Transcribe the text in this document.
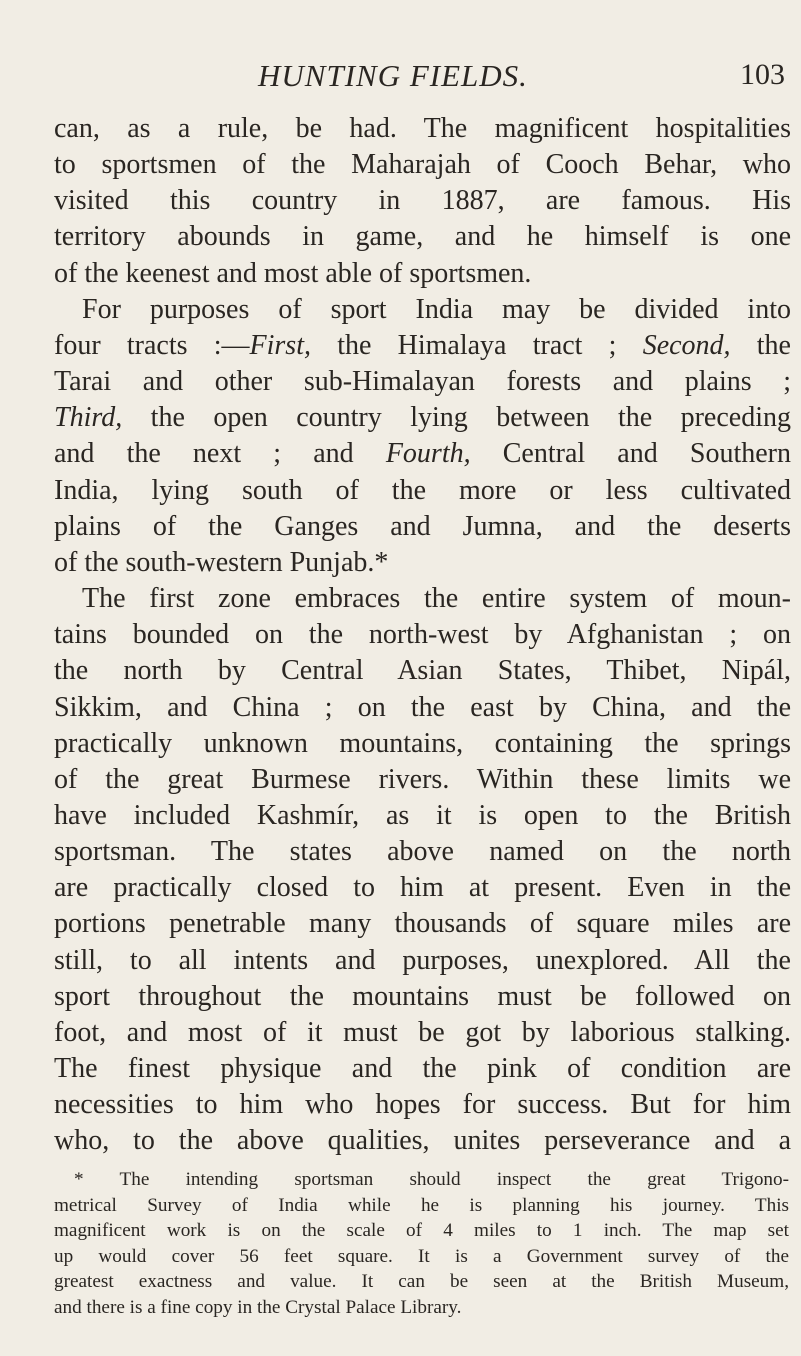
HUNTING FIELDS.	103
can, as a rule, be had. The magnificent hospitalities
to sportsmen of the Maharajah of Cooch Behar, who
visited this country in 1887, are famous. His
territory abounds in game, and he himself is one
of the keenest and most able of sportsmen.
For purposes of sport India may be divided into
four tracts :—First, the Himalaya tract ; Second, the
Tarai and other sub-Himalayan forests and plains ;
Third, the open country lying between the preceding
and the next ; and Fourth, Central and Southern
India, lying south of the more or less cultivated
plains of the Ganges and Jumna, and the deserts
of the south-western Punjab.*
The first zone embraces the entire system of moun-
tains bounded on the north-west by Afghanistan ; on
the north by Central Asian States, Thibet, Nipál,
Sikkim, and China ; on the east by China, and the
practically unknown mountains, containing the springs
of the great Burmese rivers. Within these limits we
have included Kashmír, as it is open to the British
sportsman. The states above named on the north
are practically closed to him at present. Even in the
portions penetrable many thousands of square miles are
still, to all intents and purposes, unexplored. All the
sport throughout the mountains must be followed on
foot, and most of it must be got by laborious stalking.
The finest physique and the pink of condition are
necessities to him who hopes for success. But for him
who, to the above qualities, unites perseverance and a
* The intending sportsman should inspect the great Trigono-
metrical Survey of India while he is planning his journey. This
magnificent work is on the scale of 4 miles to 1 inch. The map set
up would cover 56 feet square. It is a Government survey of the
greatest exactness and value. It can be seen at the British Museum,
and there is a fine copy in the Crystal Palace Library.
